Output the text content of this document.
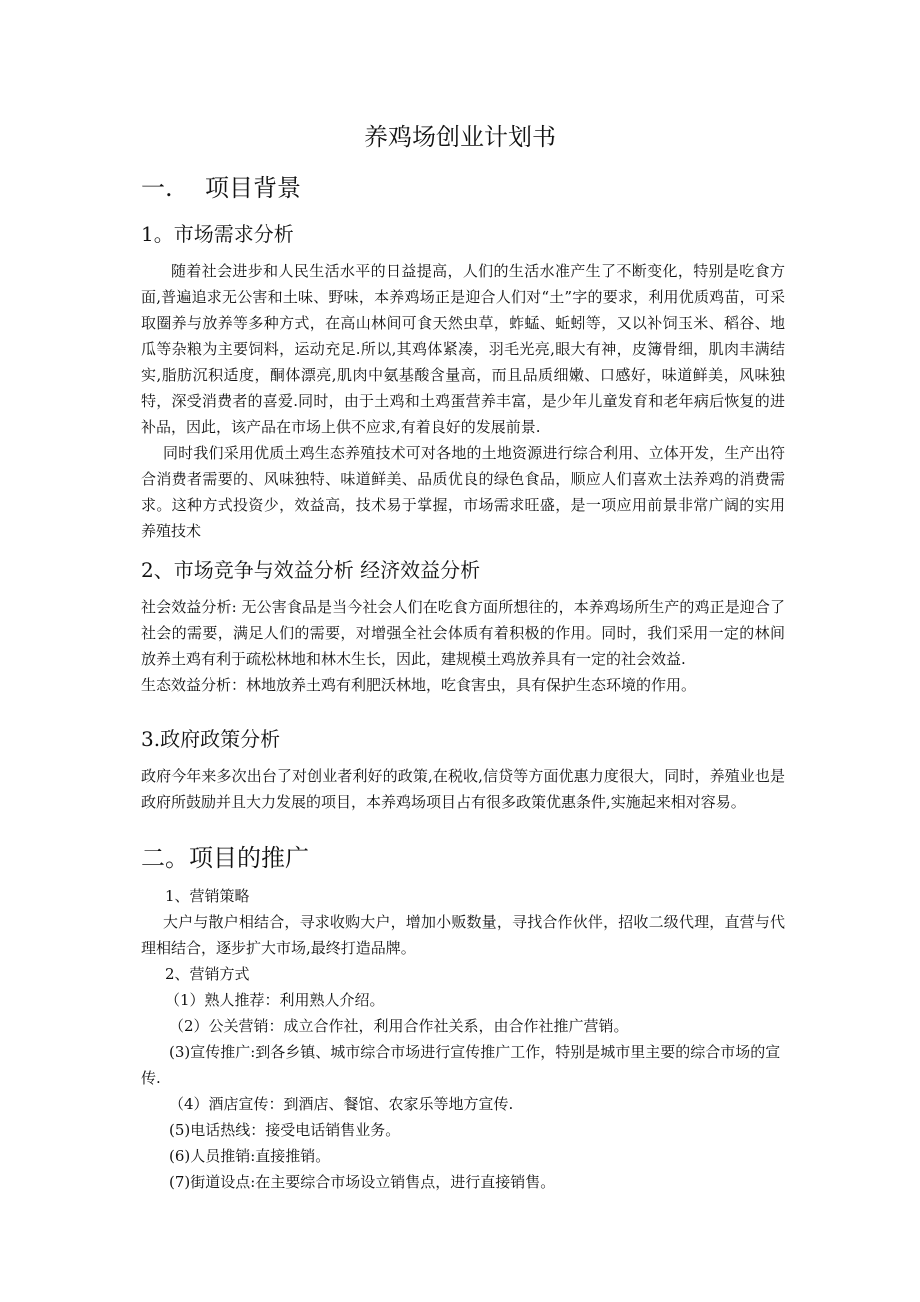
养鸡场创业计划书
一. 项目背景
1。市场需求分析

随着社会进步和人民生活水平的日益提高，人们的生活水准产生了不断变化，特别是吃食方面,普遍追求无公害和土味、野味，本养鸡场正是迎合人们对“土”字的要求，利用优质鸡苗，可采取圈养与放养等多种方式，在高山林间可食天然虫草，蚱蜢、蚯蚓等，又以补饲玉米、稻谷、地瓜等杂粮为主要饲料，运动充足.所以,其鸡体紧凑，羽毛光亮,眼大有神，皮簿骨细，肌肉丰满结实,脂肪沉积适度，酮体漂亮,肌肉中氨基酸含量高，而且品质细嫩、口感好，味道鲜美，风味独特，深受消费者的喜爱.同时，由于土鸡和土鸡蛋营养丰富，是少年儿童发育和老年病后恢复的进补品，因此，该产品在市场上供不应求,有着良好的发展前景.

同时我们采用优质土鸡生态养殖技术可对各地的土地资源进行综合利用、立体开发，生产出符合消费者需要的、风味独特、味道鲜美、品质优良的绿色食品，顺应人们喜欢土法养鸡的消费需求。这种方式投资少，效益高，技术易于掌握，市场需求旺盛，是一项应用前景非常广阔的实用养殖技术

2、市场竞争与效益分析 经济效益分析

社会效益分析: 无公害食品是当今社会人们在吃食方面所想往的，本养鸡场所生产的鸡正是迎合了社会的需要，满足人们的需要，对增强全社会体质有着积极的作用。同时，我们采用一定的林间放养土鸡有利于疏松林地和林木生长，因此，建规模土鸡放养具有一定的社会效益.

生态效益分析：林地放养土鸡有利肥沃林地，吃食害虫，具有保护生态环境的作用。

3.政府政策分析

政府今年来多次出台了对创业者利好的政策,在税收,信贷等方面优惠力度很大，同时，养殖业也是政府所鼓励并且大力发展的项目，本养鸡场项目占有很多政策优惠条件,实施起来相对容易。

二。项目的推广

1、营销策略

大户与散户相结合，寻求收购大户，增加小贩数量，寻找合作伙伴，招收二级代理，直营与代理相结合，逐步扩大市场,最终打造品牌。

2、营销方式

（1）熟人推荐：利用熟人介绍。

（2）公关营销：成立合作社，利用合作社关系，由合作社推广营销。

(3)宣传推广:到各乡镇、城市综合市场进行宣传推广工作，特别是城市里主要的综合市场的宣传.

（4）酒店宣传：到酒店、餐馆、农家乐等地方宣传.

(5)电话热线：接受电话销售业务。

(6)人员推销:直接推销。

(7)街道设点:在主要综合市场设立销售点，进行直接销售。
